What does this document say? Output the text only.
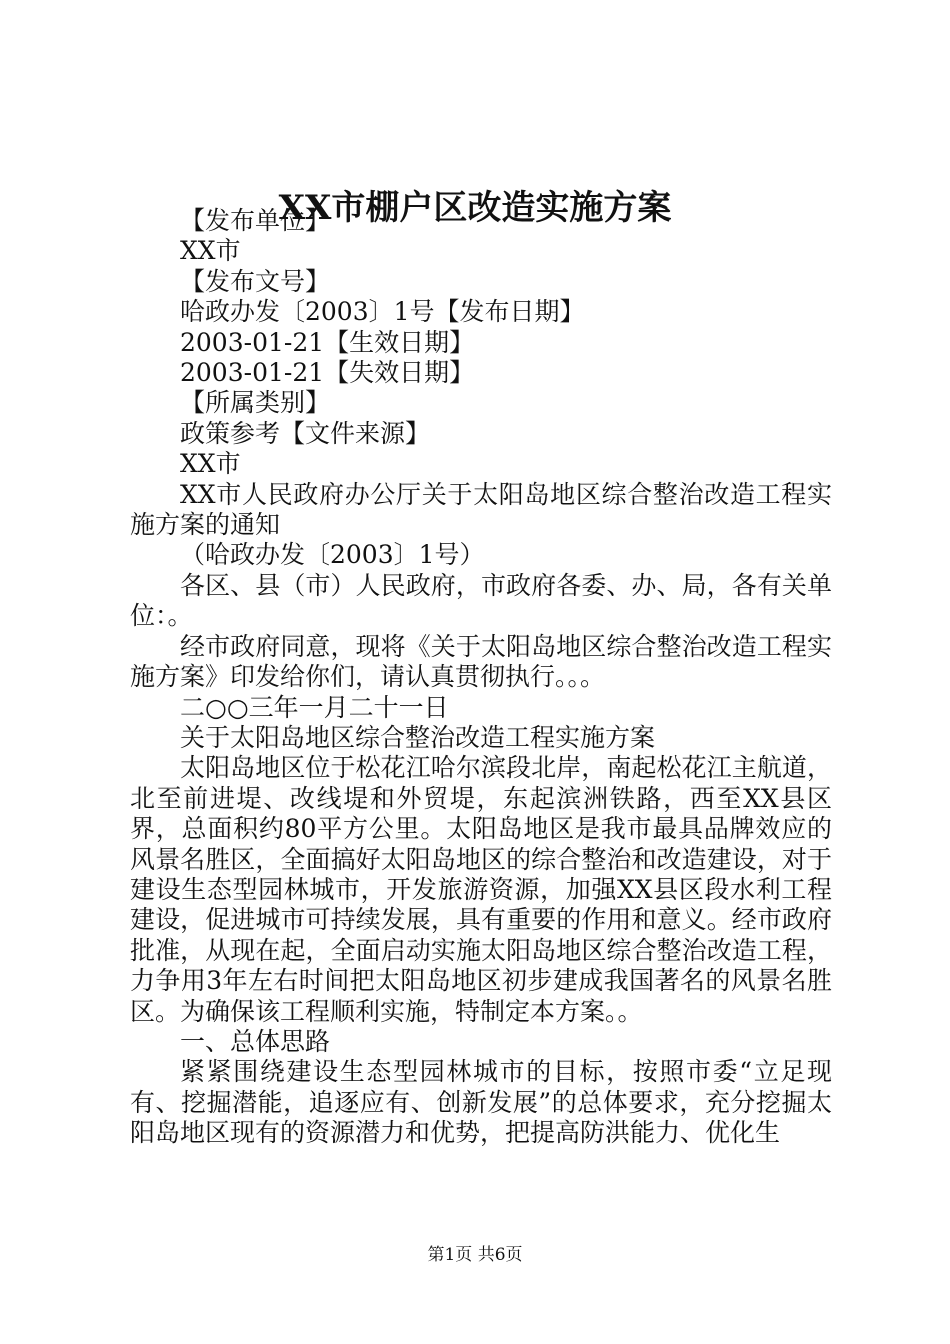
XX市棚户区改造实施方案

【发布单位】

XX市

【发布文号】

哈政办发〔2003〕1号【发布日期】

2003-01-21【生效日期】

2003-01-21【失效日期】

【所属类别】

政策参考【文件来源】

XX市

XX市人民政府办公厅关于太阳岛地区综合整治改造工程实施方案的通知

（哈政办发〔2003〕1号）

各区、县（市）人民政府，市政府各委、办、局，各有关单位：。

经市政府同意，现将《关于太阳岛地区综合整治改造工程实施方案》印发给你们，请认真贯彻执行。。。

二○○三年一月二十一日

关于太阳岛地区综合整治改造工程实施方案

太阳岛地区位于松花江哈尔滨段北岸，南起松花江主航道，北至前进堤、改线堤和外贸堤，东起滨洲铁路，西至XX县区界，总面积约80平方公里。太阳岛地区是我市最具品牌效应的风景名胜区，全面搞好太阳岛地区的综合整治和改造建设，对于建设生态型园林城市，开发旅游资源，加强XX县区段水利工程建设，促进城市可持续发展，具有重要的作用和意义。经市政府批准，从现在起，全面启动实施太阳岛地区综合整治改造工程，力争用3年左右时间把太阳岛地区初步建成我国著名的风景名胜区。为确保该工程顺利实施，特制定本方案。。

一、总体思路

紧紧围绕建设生态型园林城市的目标，按照市委“立足现有、挖掘潜能，追逐应有、创新发展”的总体要求，充分挖掘太阳岛地区现有的资源潜力和优势，把提高防洪能力、优化生

第1页 共6页
